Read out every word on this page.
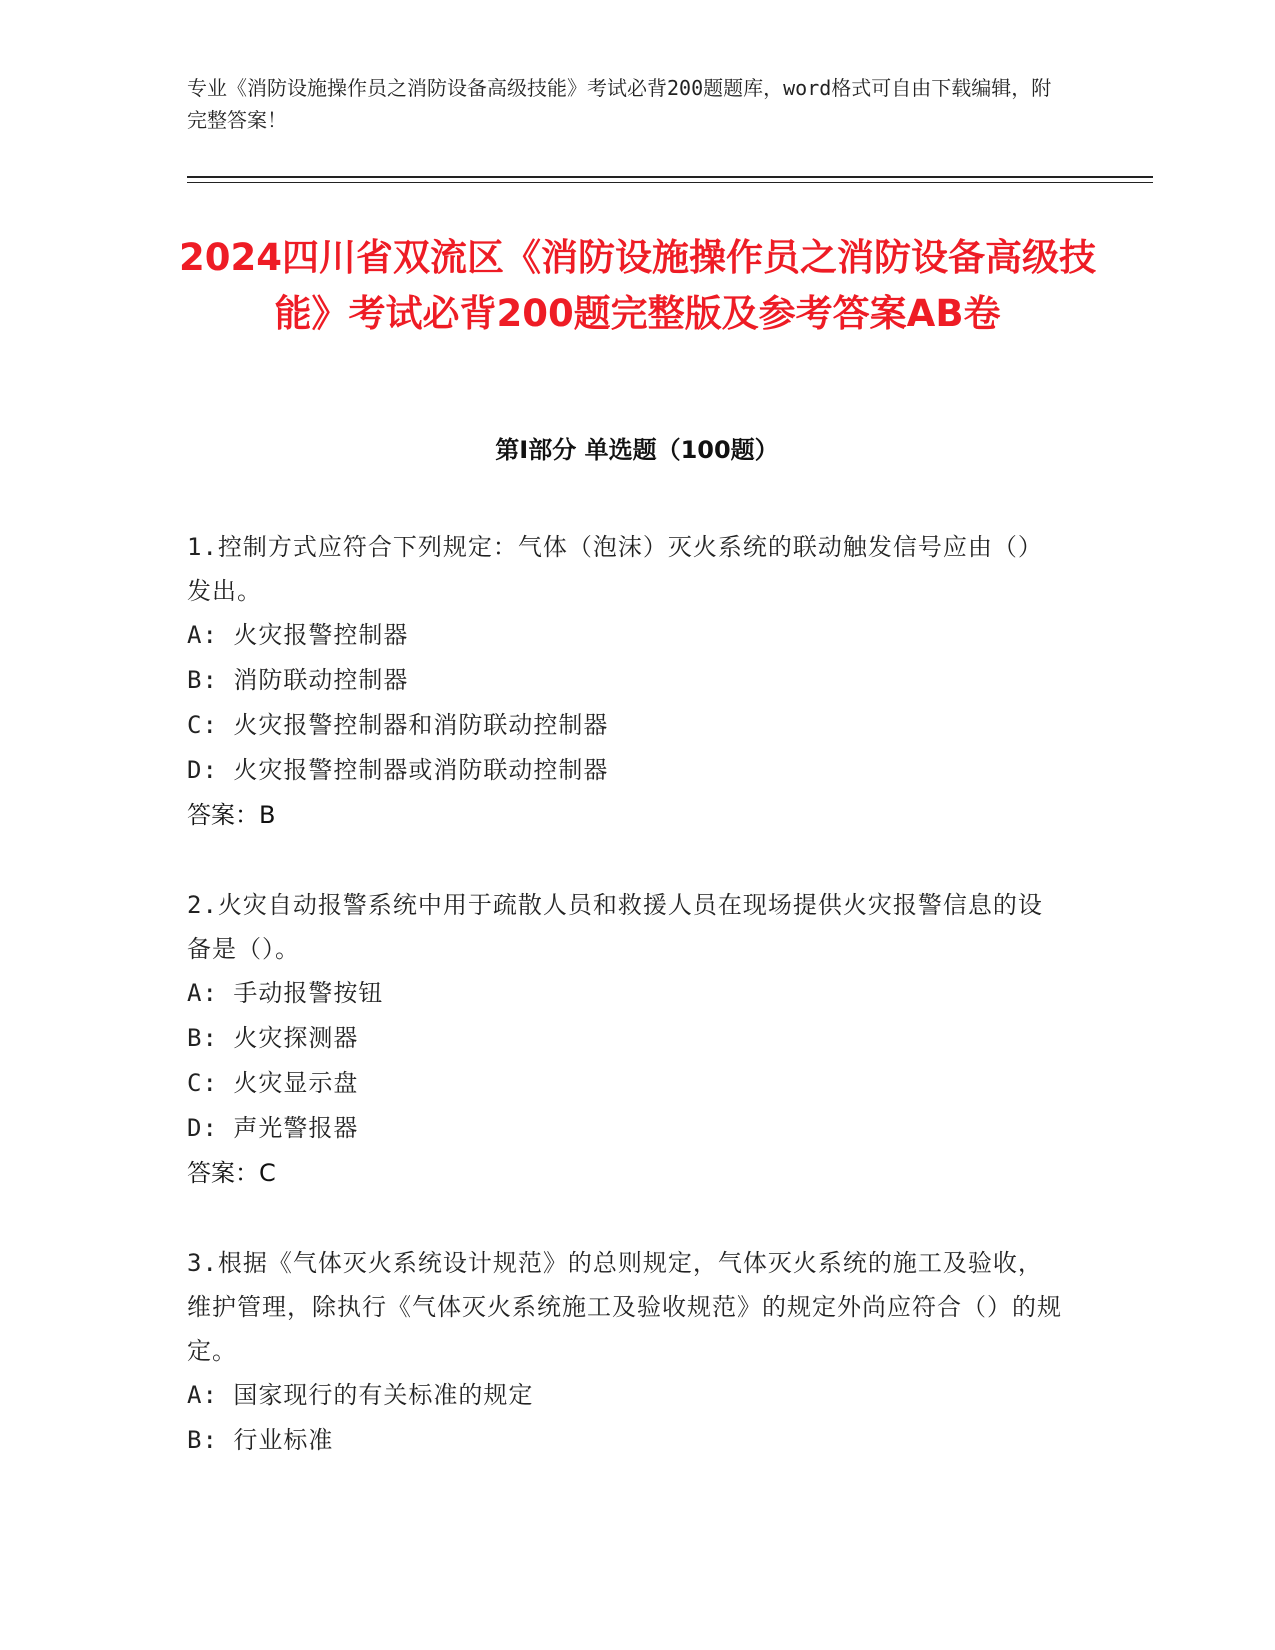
专业《消防设施操作员之消防设备高级技能》考试必背200题题库，word格式可自由下载编辑，附完整答案！
2024四川省双流区《消防设施操作员之消防设备高级技能》考试必背200题完整版及参考答案AB卷
第I部分 单选题（100题）
1.控制方式应符合下列规定：气体（泡沫）灭火系统的联动触发信号应由（）发出。
A: 火灾报警控制器
B: 消防联动控制器
C: 火灾报警控制器和消防联动控制器
D: 火灾报警控制器或消防联动控制器
答案：B
2.火灾自动报警系统中用于疏散人员和救援人员在现场提供火灾报警信息的设备是（）。
A: 手动报警按钮
B: 火灾探测器
C: 火灾显示盘
D: 声光警报器
答案：C
3.根据《气体灭火系统设计规范》的总则规定，气体灭火系统的施工及验收，维护管理，除执行《气体灭火系统施工及验收规范》的规定外尚应符合（）的规定。
A: 国家现行的有关标准的规定
B: 行业标准
